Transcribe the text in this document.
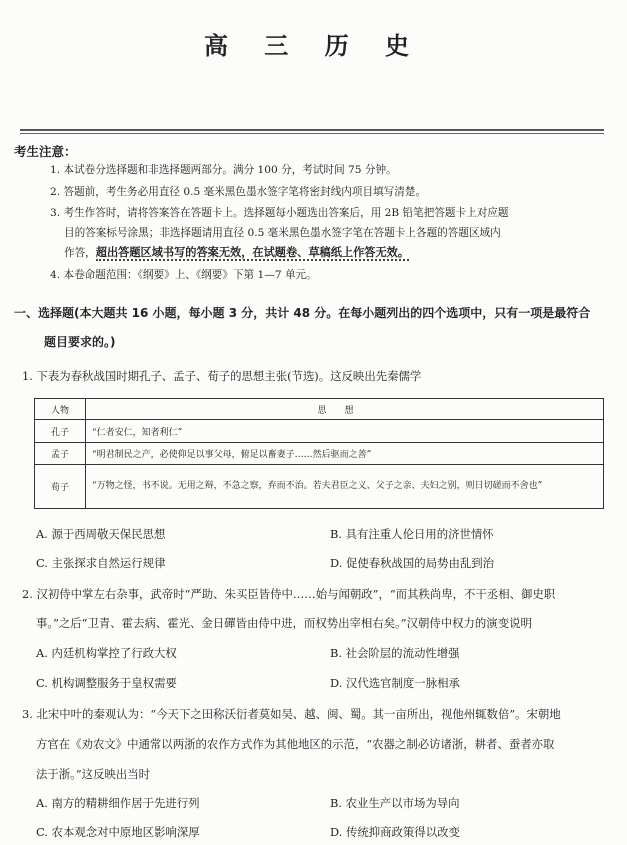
高 三 历 史
考生注意：
1. 本试卷分选择题和非选择题两部分。满分 100 分，考试时间 75 分钟。
2. 答题前，考生务必用直径 0.5 毫米黑色墨水签字笔将密封线内项目填写清楚。
3. 考生作答时，请将答案答在答题卡上。选择题每小题选出答案后，用 2B 铅笔把答题卡上对应题
目的答案标号涂黑；非选择题请用直径 0.5 毫米黑色墨水签字笔在答题卡上各题的答题区域内
作答，超出答题区域书写的答案无效，在试题卷、草稿纸上作答无效。
4. 本卷命题范围：《纲要》上、《纲要》下第 1—7 单元。
一、选择题(本大题共 16 小题，每小题 3 分，共计 48 分。在每小题列出的四个选项中，只有一项是最符合
题目要求的。)
1. 下表为春秋战国时期孔子、孟子、荀子的思想主张(节选)。这反映出先秦儒学
人物	思想
孔子	“仁者安仁，知者利仁”
孟子	“明君制民之产，必使仰足以事父母，俯足以畜妻子……然后驱而之善”
荀子	“万物之怪，书不说。无用之辩，不急之察，弃而不治。若夫君臣之义、父子之亲、夫妇之别，则日切磋而不舍也”
A. 源于西周敬天保民思想	B. 具有注重人伦日用的济世情怀
C. 主张探求自然运行规律	D. 促使春秋战国的局势由乱到治
2. 汉初侍中掌左右杂事，武帝时“严助、朱买臣皆侍中……始与闻朝政”，“而其秩尚卑，不干丞相、御史职
事。”之后“卫青、霍去病、霍光、金日磾皆由侍中进，而权势出宰相右矣。”汉朝侍中权力的演变说明
A. 内廷机构掌控了行政大权	B. 社会阶层的流动性增强
C. 机构调整服务于皇权需要	D. 汉代选官制度一脉相承
3. 北宋中叶的秦观认为：“今天下之田称沃衍者莫如吴、越、闽、蜀。其一亩所出，视他州辄数倍”。宋朝地
方官在《劝农文》中通常以两浙的农作方式作为其他地区的示范，“农器之制必访诸浙，耕者、蚕者亦取
法于浙。”这反映出当时
A. 南方的精耕细作居于先进行列	B. 农业生产以市场为导向
C. 农本观念对中原地区影响深厚	D. 传统抑商政策得以改变
